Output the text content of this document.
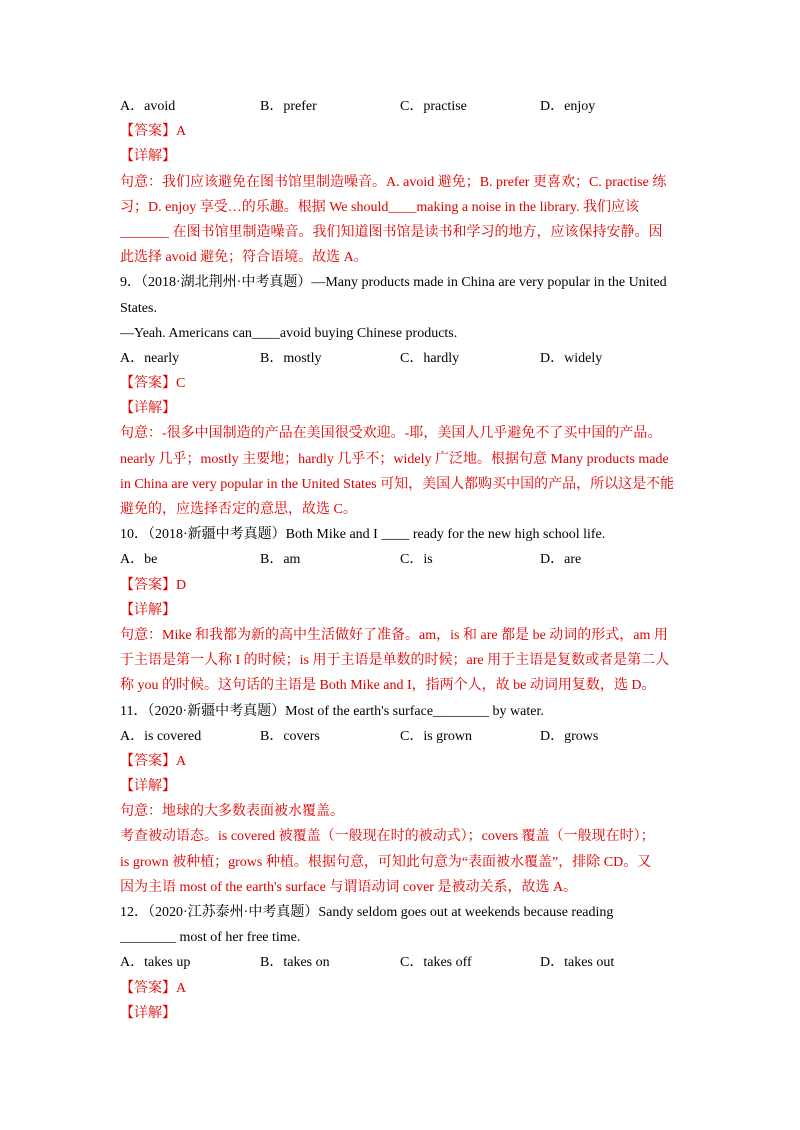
A．avoid	B．prefer	C．practise	D．enjoy
【答案】A
【详解】
句意：我们应该避免在图书馆里制造噪音。A. avoid 避免；B. prefer 更喜欢；C. practise 练
习；D. enjoy 享受…的乐趣。根据 We should____making a noise in the library. 我们应该
_______ 在图书馆里制造噪音。我们知道图书馆是读书和学习的地方，应该保持安静。因
此选择 avoid 避免；符合语境。故选 A。
9．（2018·湖北荆州·中考真题）—Many products made in China are very popular in the United
States.
—Yeah. Americans can____avoid buying Chinese products.
A．nearly	B．mostly	C．hardly	D．widely
【答案】C
【详解】
句意：-很多中国制造的产品在美国很受欢迎。-耶，美国人几乎避免不了买中国的产品。
nearly 几乎；mostly 主要地；hardly 几乎不；widely 广泛地。根据句意 Many products made
in China are very popular in the United States 可知，美国人都购买中国的产品，所以这是不能
避免的，应选择否定的意思，故选 C。
10．（2018·新疆中考真题）Both Mike and I ____ ready for the new high school life.
A．be	B．am	C．is	D．are
【答案】D
【详解】
句意：Mike 和我都为新的高中生活做好了准备。am，is 和 are 都是 be 动词的形式，am 用
于主语是第一人称 I 的时候；is 用于主语是单数的时候；are 用于主语是复数或者是第二人
称 you 的时候。这句话的主语是 Both Mike and I，指两个人，故 be 动词用复数，选 D。
11．（2020·新疆中考真题）Most of the earth's surface________ by water.
A．is covered	B．covers	C．is grown	D．grows
【答案】A
【详解】
句意：地球的大多数表面被水覆盖。
考查被动语态。is covered 被覆盖（一般现在时的被动式）；covers 覆盖（一般现在时）；
is grown 被种植；grows 种植。根据句意，可知此句意为“表面被水覆盖”，排除 CD。又
因为主语 most of the earth's surface 与谓语动词 cover 是被动关系，故选 A。
12．（2020·江苏泰州·中考真题）Sandy seldom goes out at weekends because reading
________ most of her free time.
A．takes up	B．takes on	C．takes off	D．takes out
【答案】A
【详解】
